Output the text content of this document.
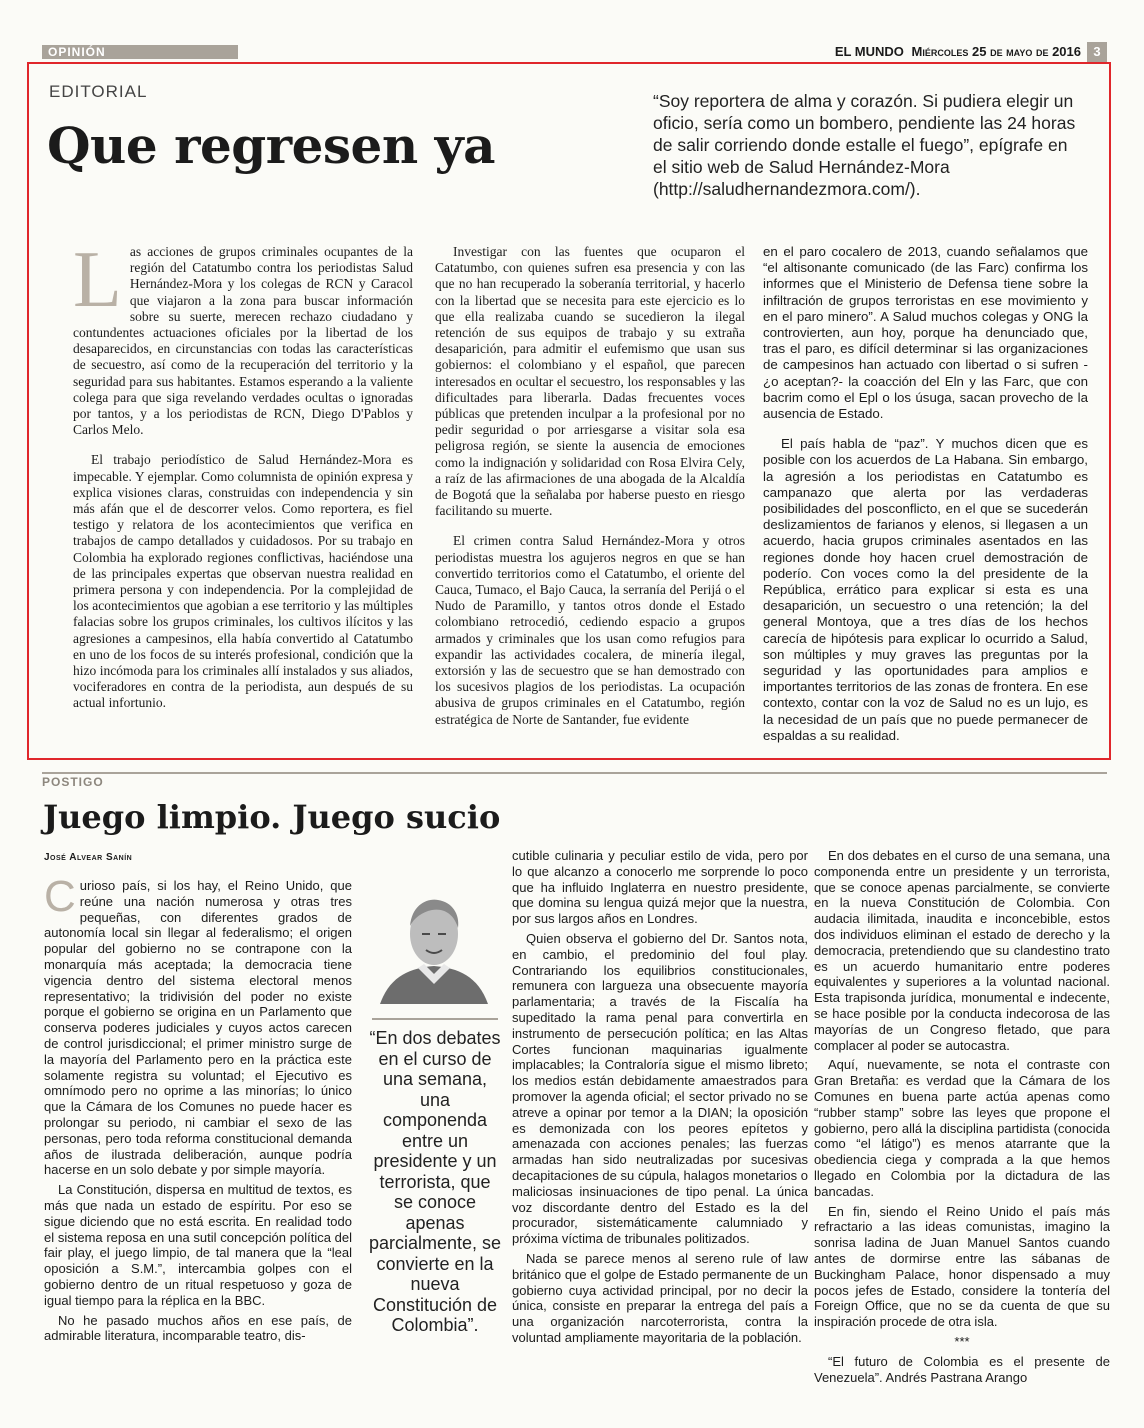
OPINIÓN	EL MUNDO Miércoles 25 de mayo de 2016 3
EDITORIAL
Que regresen ya
“Soy reportera de alma y corazón. Si pudiera elegir un oficio, sería como un bombero, pendiente las 24 horas de salir corriendo donde estalle el fuego”, epígrafe en el sitio web de Salud Hernández-Mora (http://saludhernandezmora.com/).

Las acciones de grupos criminales ocupantes de la región del Catatumbo contra los periodistas Salud Hernández-Mora y los colegas de RCN y Caracol que viajaron a la zona para buscar información sobre su suerte, merecen rechazo ciudadano y contundentes actuaciones oficiales por la libertad de los desaparecidos, en circunstancias con todas las características de secuestro, así como de la recuperación del territorio y la seguridad para sus habitantes. Estamos esperando a la valiente colega para que siga revelando verdades ocultas o ignoradas por tantos, y a los periodistas de RCN, Diego D'Pablos y Carlos Melo.

El trabajo periodístico de Salud Hernández-Mora es impecable. Y ejemplar. Como columnista de opinión expresa y explica visiones claras, construidas con independencia y sin más afán que el de descorrer velos. Como reportera, es fiel testigo y relatora de los acontecimientos que verifica en trabajos de campo detallados y cuidadosos. Por su trabajo en Colombia ha explorado regiones conflictivas, haciéndose una de las principales expertas que observan nuestra realidad en primera persona y con independencia. Por la complejidad de los acontecimientos que agobian a ese territorio y las múltiples falacias sobre los grupos criminales, los cultivos ilícitos y las agresiones a campesinos, ella había convertido al Catatumbo en uno de los focos de su interés profesional, condición que la hizo incómoda para los criminales allí instalados y sus aliados, vociferadores en contra de la periodista, aun después de su actual infortunio.

Investigar con las fuentes que ocuparon el Catatumbo, con quienes sufren esa presencia y con las que no han recuperado la soberanía territorial, y hacerlo con la libertad que se necesita para este ejercicio es lo que ella realizaba cuando se sucedieron la ilegal retención de sus equipos de trabajo y su extraña desaparición, para admitir el eufemismo que usan sus gobiernos: el colombiano y el español, que parecen interesados en ocultar el secuestro, los responsables y las dificultades para liberarla. Dadas frecuentes voces públicas que pretenden inculpar a la profesional por no pedir seguridad o por arriesgarse a visitar sola esa peligrosa región, se siente la ausencia de emociones como la indignación y solidaridad con Rosa Elvira Cely, a raíz de las afirmaciones de una abogada de la Alcaldía de Bogotá que la señalaba por haberse puesto en riesgo facilitando su muerte.

El crimen contra Salud Hernández-Mora y otros periodistas muestra los agujeros negros en que se han convertido territorios como el Catatumbo, el oriente del Cauca, Tumaco, el Bajo Cauca, la serranía del Perijá o el Nudo de Paramillo, y tantos otros donde el Estado colombiano retrocedió, cediendo espacio a grupos armados y criminales que los usan como refugios para expandir las actividades cocalera, de minería ilegal, extorsión y las de secuestro que se han demostrado con los sucesivos plagios de los periodistas. La ocupación abusiva de grupos criminales en el Catatumbo, región estratégica de Norte de Santander, fue evidente

en el paro cocalero de 2013, cuando señalamos que “el altisonante comunicado (de las Farc) confirma los informes que el Ministerio de Defensa tiene sobre la infiltración de grupos terroristas en ese movimiento y en el paro minero”. A Salud muchos colegas y ONG la controvierten, aun hoy, porque ha denunciado que, tras el paro, es difícil determinar si las organizaciones de campesinos han actuado con libertad o si sufren -¿o aceptan?- la coacción del Eln y las Farc, que con bacrim como el Epl o los úsuga, sacan provecho de la ausencia de Estado.

El país habla de “paz”. Y muchos dicen que es posible con los acuerdos de La Habana. Sin embargo, la agresión a los periodistas en Catatumbo es campanazo que alerta por las verdaderas posibilidades del posconflicto, en el que se sucederán deslizamientos de farianos y elenos, si llegasen a un acuerdo, hacia grupos criminales asentados en las regiones donde hoy hacen cruel demostración de poderío. Con voces como la del presidente de la República, errático para explicar si esta es una desaparición, un secuestro o una retención; la del general Montoya, que a tres días de los hechos carecía de hipótesis para explicar lo ocurrido a Salud, son múltiples y muy graves las preguntas por la seguridad y las oportunidades para amplios e importantes territorios de las zonas de frontera. En ese contexto, contar con la voz de Salud no es un lujo, es la necesidad de un país que no puede permanecer de espaldas a su realidad.

POSTIGO
Juego limpio. Juego sucio
José Alvear Sanín

Curioso país, si los hay, el Reino Unido, que reúne una nación numerosa y otras tres pequeñas, con diferentes grados de autonomía local sin llegar al federalismo; el origen popular del gobierno no se contrapone con la monarquía más aceptada; la democracia tiene vigencia dentro del sistema electoral menos representativo; la tridivisión del poder no existe porque el gobierno se origina en un Parlamento que conserva poderes judiciales y cuyos actos carecen de control jurisdiccional; el primer ministro surge de la mayoría del Parlamento pero en la práctica este solamente registra su voluntad; el Ejecutivo es omnímodo pero no oprime a las minorías; lo único que la Cámara de los Comunes no puede hacer es prolongar su periodo, ni cambiar el sexo de las personas, pero toda reforma constitucional demanda años de ilustrada deliberación, aunque podría hacerse en un solo debate y por simple mayoría.

La Constitución, dispersa en multitud de textos, es más que nada un estado de espíritu. Por eso se sigue diciendo que no está escrita. En realidad todo el sistema reposa en una sutil concepción política del fair play, el juego limpio, de tal manera que la “leal oposición a S.M.”, intercambia golpes con el gobierno dentro de un ritual respetuoso y goza de igual tiempo para la réplica en la BBC.

No he pasado muchos años en ese país, de admirable literatura, incomparable teatro, dis-

“En dos debates en el curso de una semana, una componenda entre un presidente y un terrorista, que se conoce apenas parcialmente, se convierte en la nueva Constitución de Colombia”.

cutible culinaria y peculiar estilo de vida, pero por lo que alcanzo a conocerlo me sorprende lo poco que ha influido Inglaterra en nuestro presidente, que domina su lengua quizá mejor que la nuestra, por sus largos años en Londres.

Quien observa el gobierno del Dr. Santos nota, en cambio, el predominio del foul play. Contrariando los equilibrios constitucionales, remunera con largueza una obsecuente mayoría parlamentaria; a través de la Fiscalía ha supeditado la rama penal para convertirla en instrumento de persecución política; en las Altas Cortes funcionan maquinarias igualmente implacables; la Contraloría sigue el mismo libreto; los medios están debidamente amaestrados para promover la agenda oficial; el sector privado no se atreve a opinar por temor a la DIAN; la oposición es demonizada con los peores epítetos y amenazada con acciones penales; las fuerzas armadas han sido neutralizadas por sucesivas decapitaciones de su cúpula, halagos monetarios o maliciosas insinuaciones de tipo penal. La única voz discordante dentro del Estado es la del procurador, sistemáticamente calumniado y próxima víctima de tribunales politizados.

Nada se parece menos al sereno rule of law británico que el golpe de Estado permanente de un gobierno cuya actividad principal, por no decir la única, consiste en preparar la entrega del país a una organización narcoterrorista, contra la voluntad ampliamente mayoritaria de la población.

En dos debates en el curso de una semana, una componenda entre un presidente y un terrorista, que se conoce apenas parcialmente, se convierte en la nueva Constitución de Colombia. Con audacia ilimitada, inaudita e inconcebible, estos dos individuos eliminan el estado de derecho y la democracia, pretendiendo que su clandestino trato es un acuerdo humanitario entre poderes equivalentes y superiores a la voluntad nacional. Esta trapisonda jurídica, monumental e indecente, se hace posible por la conducta indecorosa de las mayorías de un Congreso fletado, que para complacer al poder se autocastra.

Aquí, nuevamente, se nota el contraste con Gran Bretaña: es verdad que la Cámara de los Comunes en buena parte actúa apenas como “rubber stamp” sobre las leyes que propone el gobierno, pero allá la disciplina partidista (conocida como “el látigo”) es menos atarrante que la obediencia ciega y comprada a la que hemos llegado en Colombia por la dictadura de las bancadas.

En fin, siendo el Reino Unido el país más refractario a las ideas comunistas, imagino la sonrisa ladina de Juan Manuel Santos cuando antes de dormirse entre las sábanas de Buckingham Palace, honor dispensado a muy pocos jefes de Estado, considere la tontería del Foreign Office, que no se da cuenta de que su inspiración procede de otra isla.

***

“El futuro de Colombia es el presente de Venezuela”. Andrés Pastrana Arango
